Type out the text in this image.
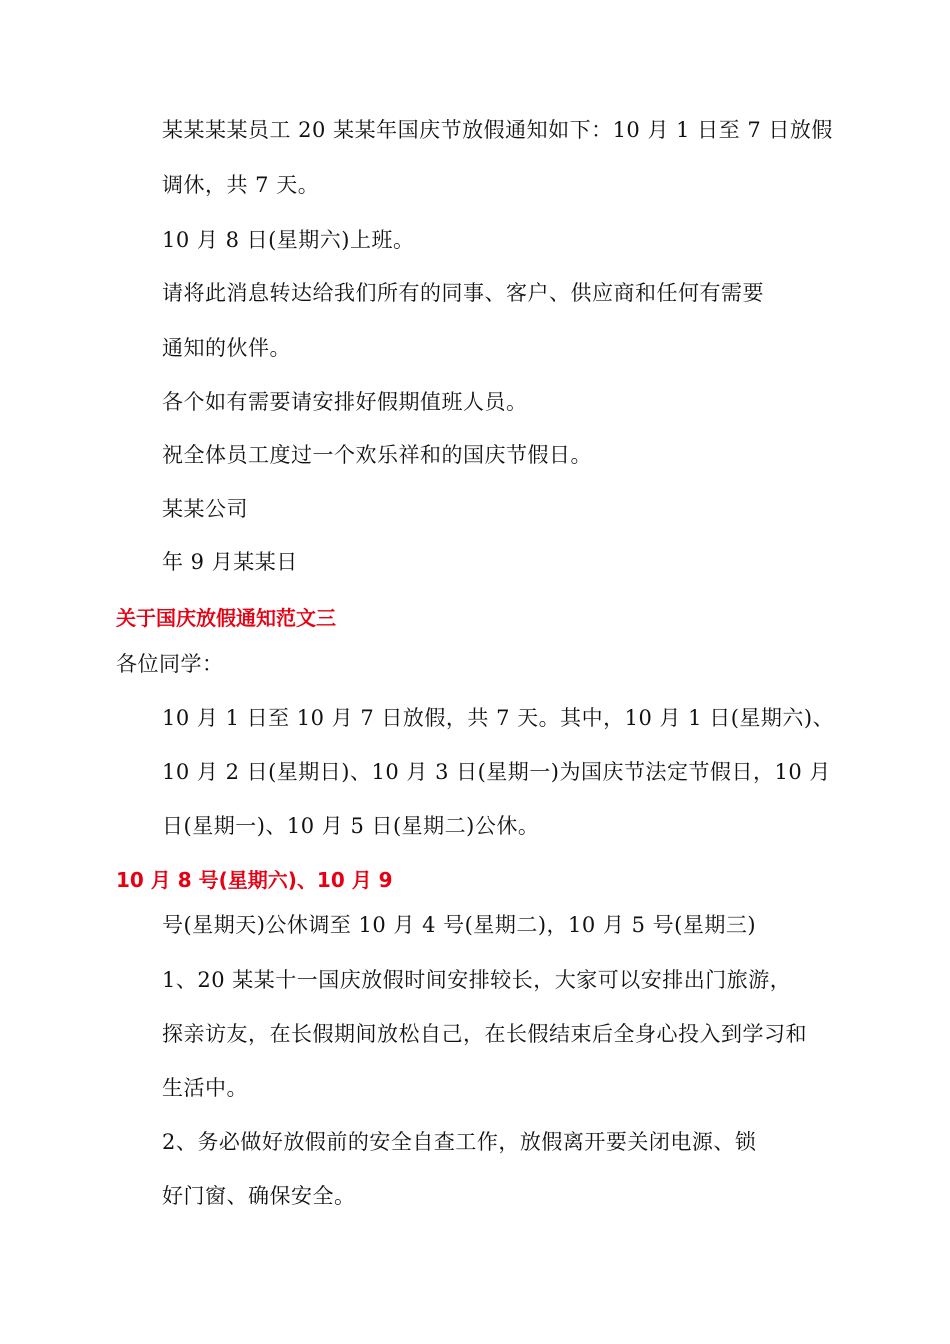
某某某某员工 20 某某年国庆节放假通知如下：10 月 1 日至 7 日放假

调休，共 7 天。

10 月 8 日(星期六)上班。

请将此消息转达给我们所有的同事、客户、供应商和任何有需要

通知的伙伴。

各个如有需要请安排好假期值班人员。

祝全体员工度过一个欢乐祥和的国庆节假日。

某某公司

年 9 月某某日

关于国庆放假通知范文三

各位同学：

10 月 1 日至 10 月 7 日放假，共 7 天。其中，10 月 1 日(星期六)、

10 月 2 日(星期日)、10 月 3 日(星期一)为国庆节法定节假日，10 月

日(星期一)、10 月 5 日(星期二)公休。

10 月 8 号(星期六)、10 月 9

号(星期天)公休调至 10 月 4 号(星期二)，10 月 5 号(星期三)

1、20 某某十一国庆放假时间安排较长，大家可以安排出门旅游，

探亲访友，在长假期间放松自己，在长假结束后全身心投入到学习和

生活中。

2、务必做好放假前的安全自查工作，放假离开要关闭电源、锁

好门窗、确保安全。
